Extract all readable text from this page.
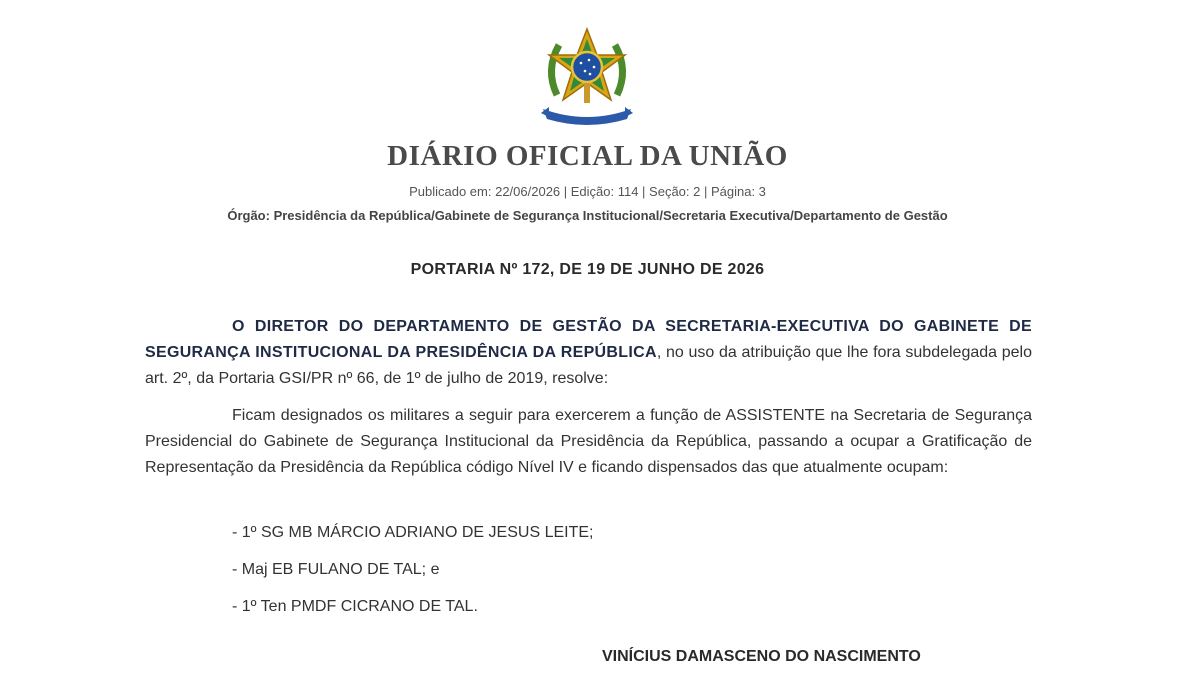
DIÁRIO OFICIAL DA UNIÃO
Publicado em: 22/06/2026 | Edição: 114 | Seção: 2 | Página: 3
Órgão: Presidência da República/Gabinete de Segurança Institucional/Secretaria Executiva/Departamento de Gestão
PORTARIA Nº 172, DE 19 DE JUNHO DE 2026
O DIRETOR DO DEPARTAMENTO DE GESTÃO DA SECRETARIA-EXECUTIVA DO GABINETE DE SEGURANÇA INSTITUCIONAL DA PRESIDÊNCIA DA REPÚBLICA, no uso da atribuição que lhe fora subdelegada pelo art. 2º, da Portaria GSI/PR nº 66, de 1º de julho de 2019, resolve:
Ficam designados os militares a seguir para exercerem a função de ASSISTENTE na Secretaria de Segurança Presidencial do Gabinete de Segurança Institucional da Presidência da República, passando a ocupar a Gratificação de Representação da Presidência da República código Nível IV e ficando dispensados das que atualmente ocupam:
- 1º SG MB MÁRCIO ADRIANO DE JESUS LEITE;
- Maj EB FULANO DE TAL; e
- 1º Ten PMDF CICRANO DE TAL.
VINÍCIUS DAMASCENO DO NASCIMENTO
